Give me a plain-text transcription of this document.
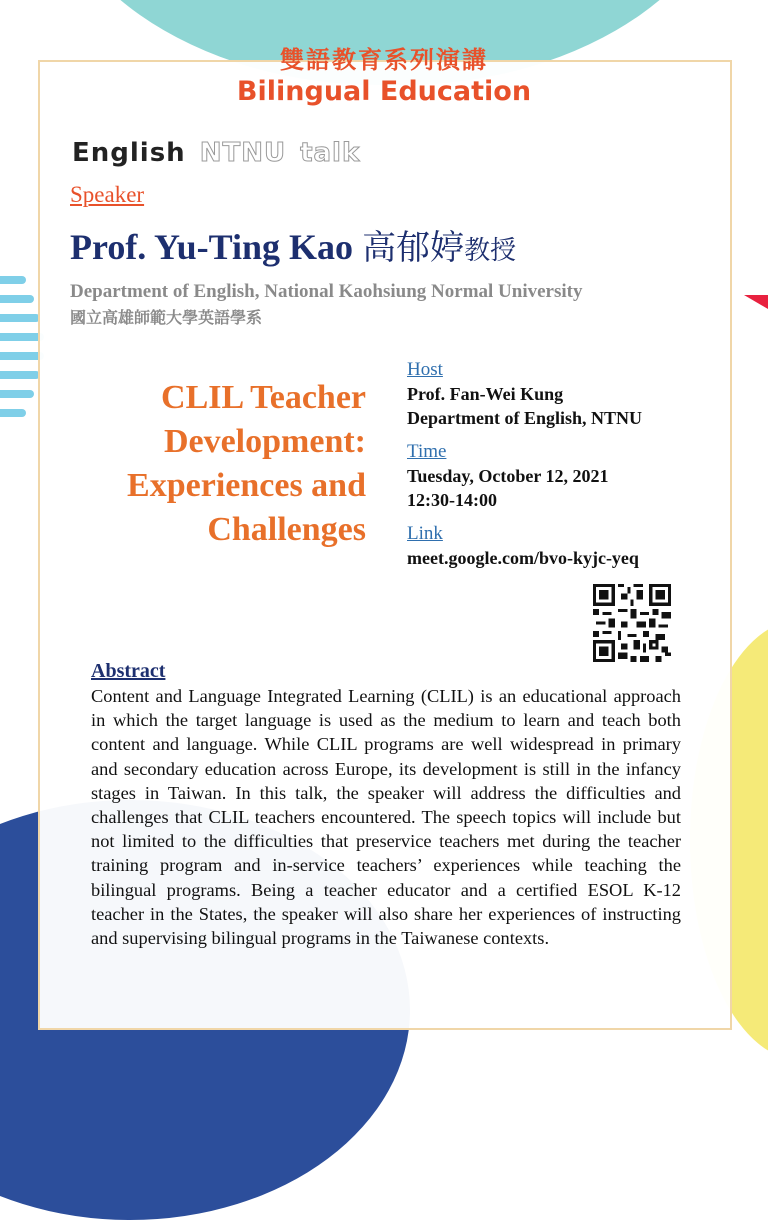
雙語教育系列演講
Bilingual Education
English NTNU talk
Speaker
Prof. Yu-Ting Kao 高郁婷教授
Department of English, National Kaohsiung Normal University
國立高雄師範大學英語學系
CLIL Teacher
Development:
Experiences and
Challenges
Host
Prof. Fan-Wei Kung
Department of English, NTNU
Time
Tuesday, October 12, 2021
12:30-14:00
Link
meet.google.com/bvo-kyjc-yeq
Abstract
Content and Language Integrated Learning (CLIL) is an educational approach in which the target language is used as the medium to learn and teach both content and language. While CLIL programs are well widespread in primary and secondary education across Europe, its development is still in the infancy stages in Taiwan. In this talk, the speaker will address the difficulties and challenges that CLIL teachers encountered. The speech topics will include but not limited to the difficulties that preservice teachers met during the teacher training program and in-service teachers’ experiences while teaching the bilingual programs. Being a teacher educator and a certified ESOL K-12 teacher in the States, the speaker will also share her experiences of instructing and supervising bilingual programs in the Taiwanese contexts.
